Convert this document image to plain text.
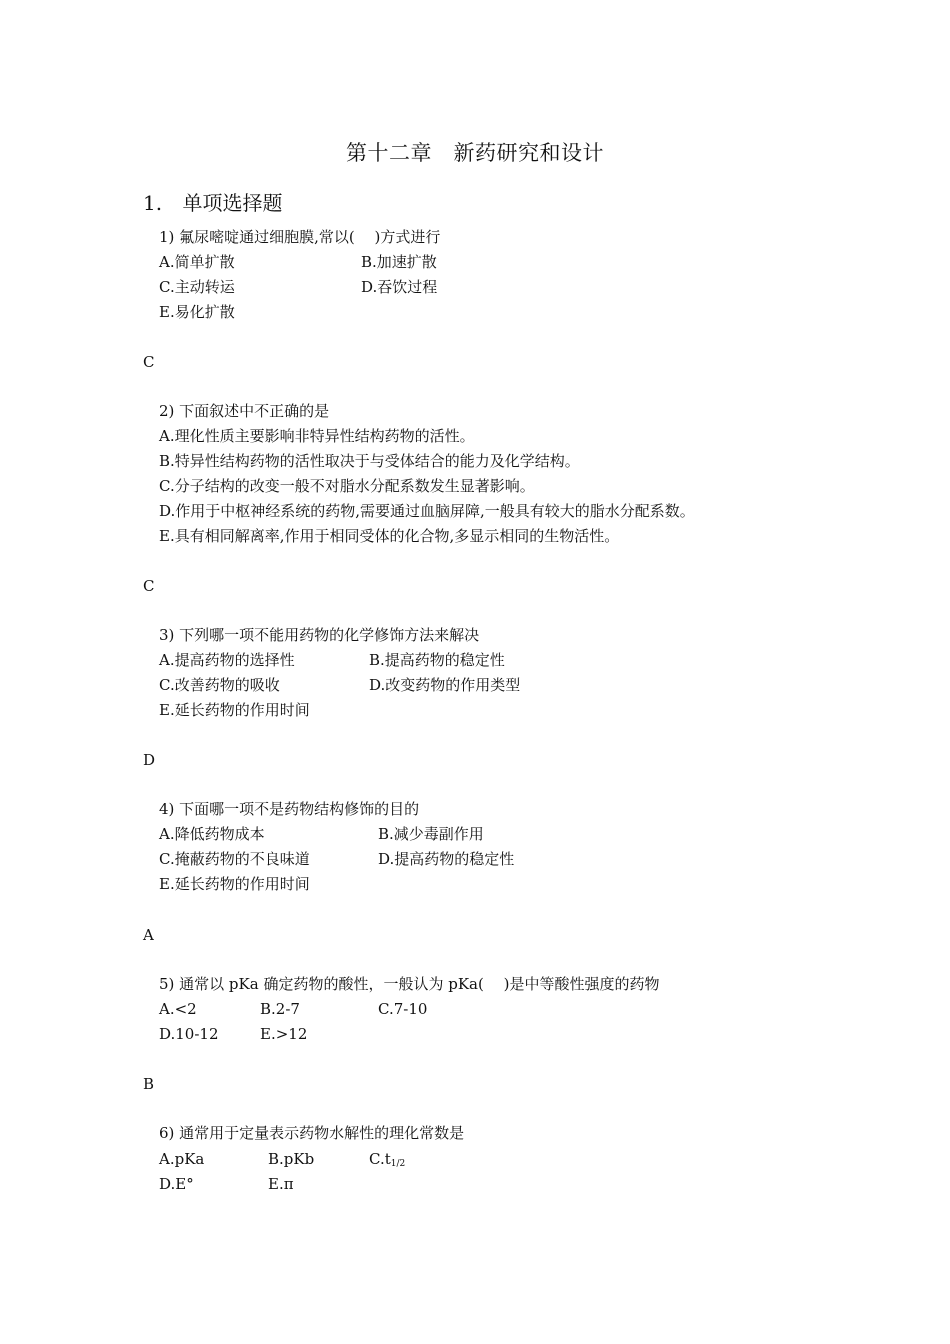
第十二章　新药研究和设计
1. 单项选择题
1) 氟尿嘧啶通过细胞膜,常以(　 )方式进行
A.简单扩散	B.加速扩散
C.主动转运	D.吞饮过程
E.易化扩散
C
2) 下面叙述中不正确的是
A.理化性质主要影响非特异性结构药物的活性。
B.特异性结构药物的活性取决于与受体结合的能力及化学结构。
C.分子结构的改变一般不对脂水分配系数发生显著影响。
D.作用于中枢神经系统的药物,需要通过血脑屏障,一般具有较大的脂水分配系数。
E.具有相同解离率,作用于相同受体的化合物,多显示相同的生物活性。
C
3) 下列哪一项不能用药物的化学修饰方法来解决
A.提高药物的选择性	B.提高药物的稳定性
C.改善药物的吸收	D.改变药物的作用类型
E.延长药物的作用时间
D
4) 下面哪一项不是药物结构修饰的目的
A.降低药物成本	B.减少毒副作用
C.掩蔽药物的不良味道	D.提高药物的稳定性
E.延长药物的作用时间
A
5) 通常以 pKa 确定药物的酸性，一般认为 pKa(　 )是中等酸性强度的药物
A.<2	B.2-7	C.7-10
D.10-12	E.>12
B
6) 通常用于定量表示药物水解性的理化常数是
A.pKa	B.pKb	$C.t_{1/2}$
D.E°	E.π
